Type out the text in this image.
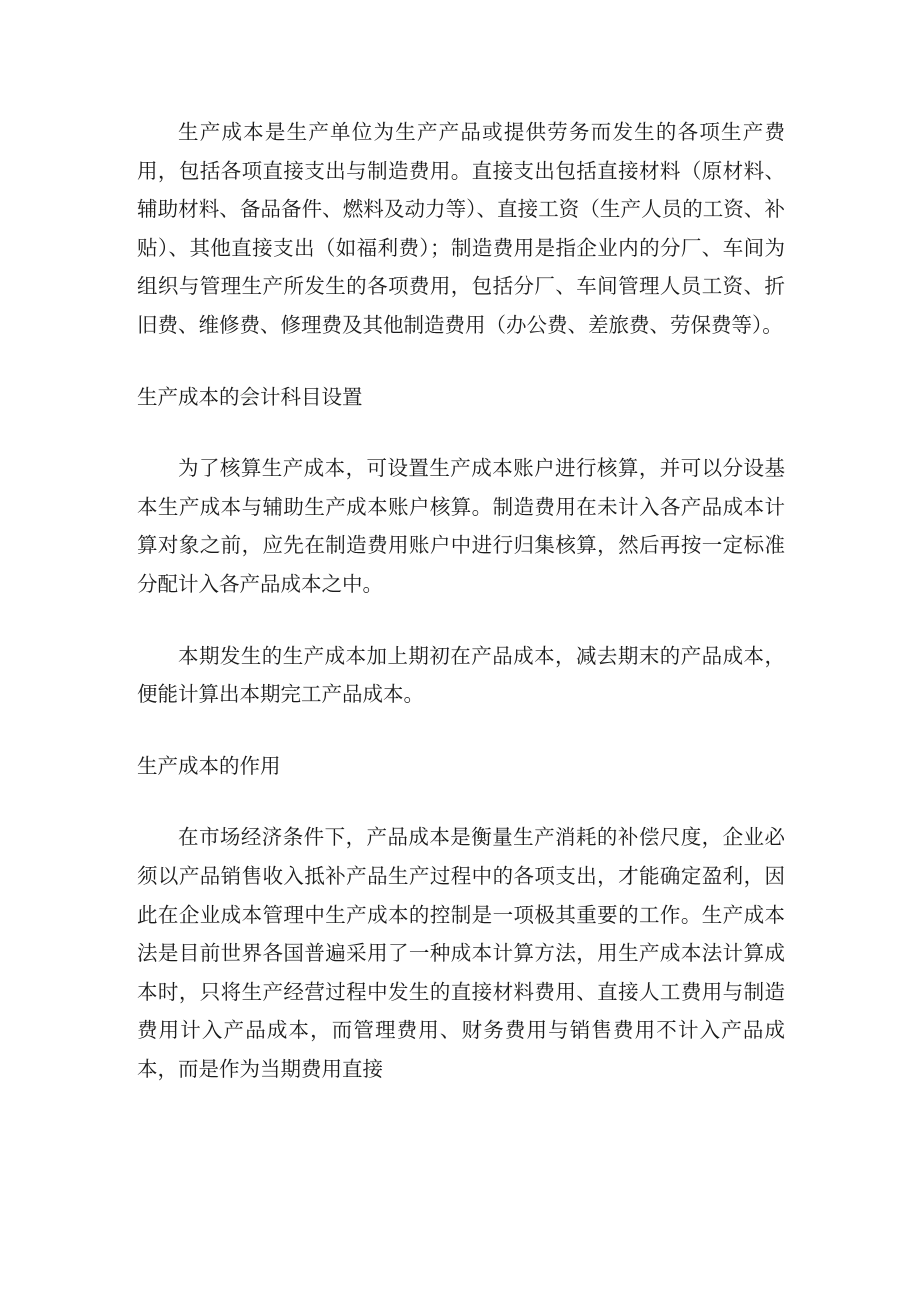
生产成本是生产单位为生产产品或提供劳务而发生的各项生产费用，包括各项直接支出与制造费用。直接支出包括直接材料（原材料、辅助材料、备品备件、燃料及动力等）、直接工资（生产人员的工资、补贴）、其他直接支出（如福利费）；制造费用是指企业内的分厂、车间为组织与管理生产所发生的各项费用，包括分厂、车间管理人员工资、折旧费、维修费、修理费及其他制造费用（办公费、差旅费、劳保费等）。

生产成本的会计科目设置

为了核算生产成本，可设置生产成本账户进行核算，并可以分设基本生产成本与辅助生产成本账户核算。制造费用在未计入各产品成本计算对象之前，应先在制造费用账户中进行归集核算，然后再按一定标准分配计入各产品成本之中。

本期发生的生产成本加上期初在产品成本，减去期末的产品成本，便能计算出本期完工产品成本。

生产成本的作用

在市场经济条件下，产品成本是衡量生产消耗的补偿尺度，企业必须以产品销售收入抵补产品生产过程中的各项支出，才能确定盈利，因此在企业成本管理中生产成本的控制是一项极其重要的工作。生产成本法是目前世界各国普遍采用了一种成本计算方法，用生产成本法计算成本时，只将生产经营过程中发生的直接材料费用、直接人工费用与制造费用计入产品成本，而管理费用、财务费用与销售费用不计入产品成本，而是作为当期费用直接
